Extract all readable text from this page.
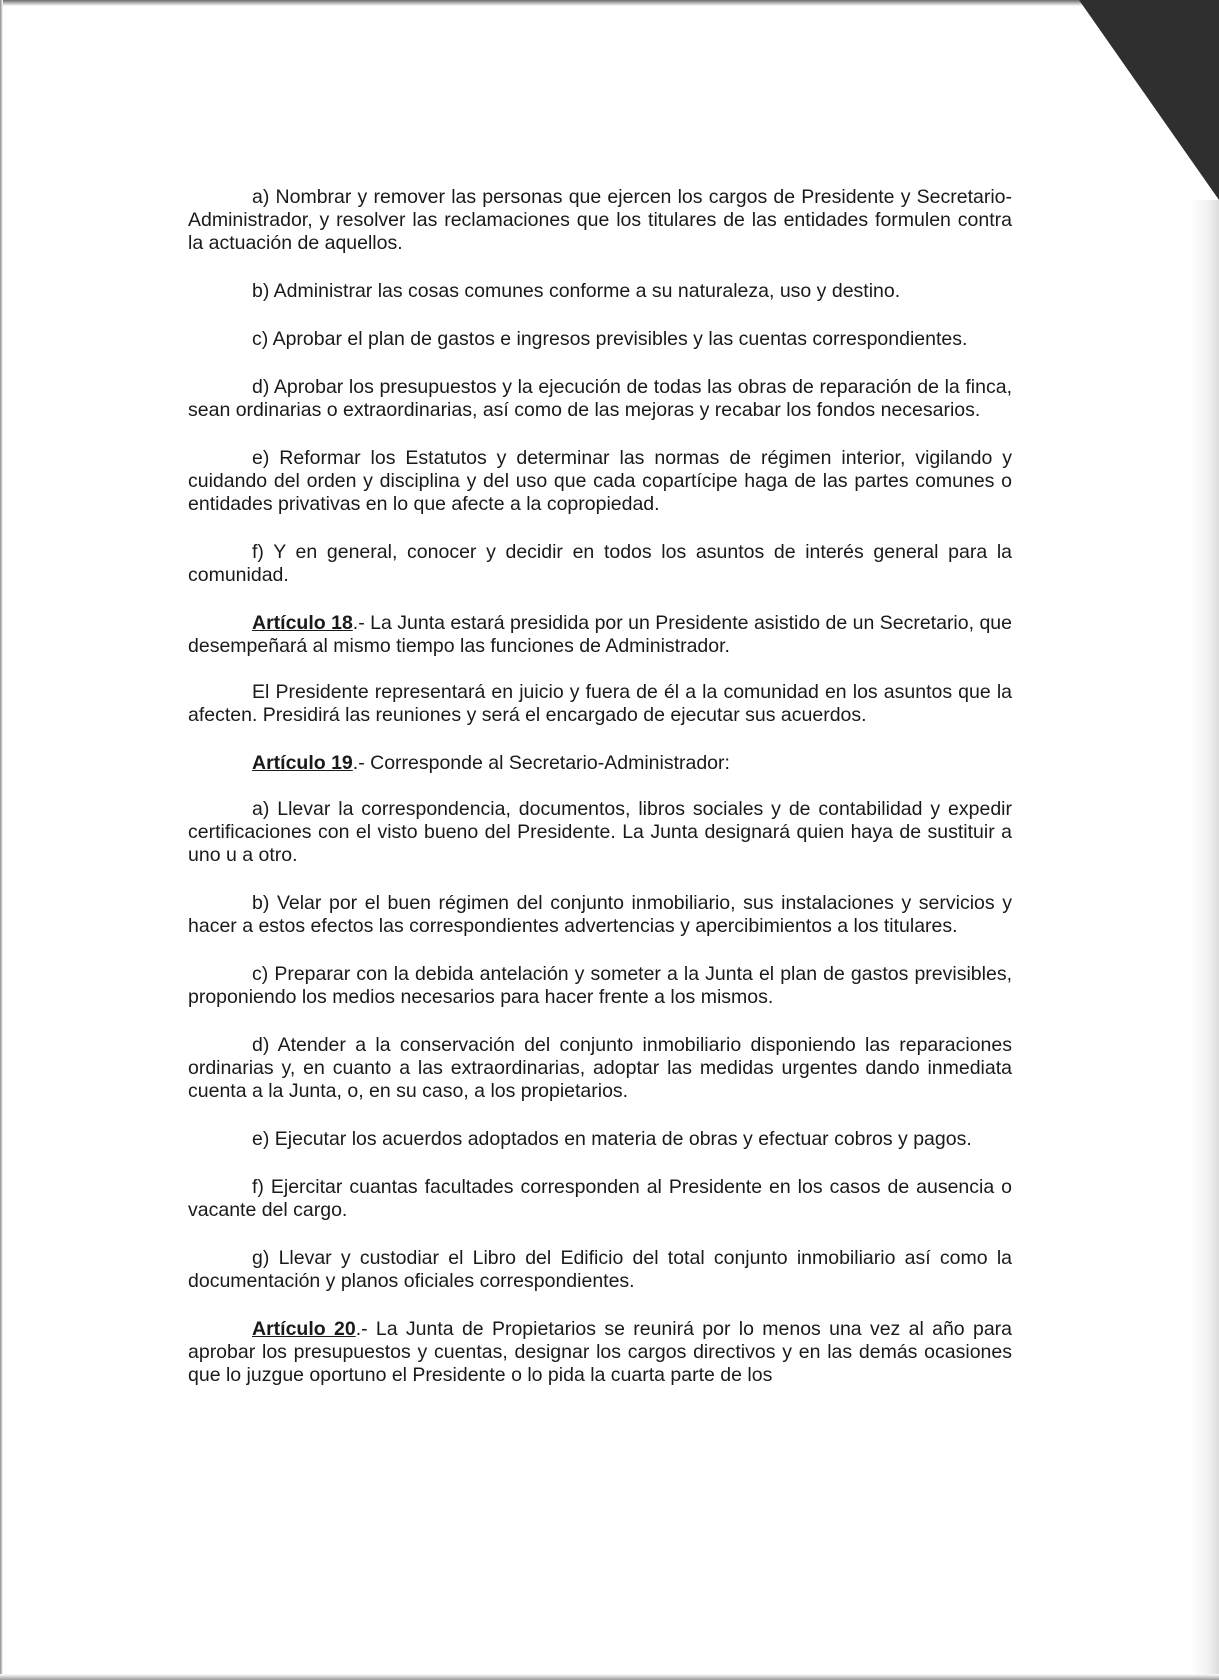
a) Nombrar y remover las personas que ejercen los cargos de Presidente y Secretario-Administrador, y resolver las reclamaciones que los titulares de las entidades formulen contra la actuación de aquellos.

b) Administrar las cosas comunes conforme a su naturaleza, uso y destino.

c) Aprobar el plan de gastos e ingresos previsibles y las cuentas correspondientes.

d) Aprobar los presupuestos y la ejecución de todas las obras de reparación de la finca, sean ordinarias o extraordinarias, así como de las mejoras y recabar los fondos necesarios.

e) Reformar los Estatutos y determinar las normas de régimen interior, vigilando y cuidando del orden y disciplina y del uso que cada copartícipe haga de las partes comunes o entidades privativas en lo que afecte a la copropiedad.

f) Y en general, conocer y decidir en todos los asuntos de interés general para la comunidad.

Artículo 18.- La Junta estará presidida por un Presidente asistido de un Secretario, que desempeñará al mismo tiempo las funciones de Administrador.

El Presidente representará en juicio y fuera de él a la comunidad en los asuntos que la afecten. Presidirá las reuniones y será el encargado de ejecutar sus acuerdos.

Artículo 19.- Corresponde al Secretario-Administrador:

a) Llevar la correspondencia, documentos, libros sociales y de contabilidad y expedir certificaciones con el visto bueno del Presidente. La Junta designará quien haya de sustituir a uno u a otro.

b) Velar por el buen régimen del conjunto inmobiliario, sus instalaciones y servicios y hacer a estos efectos las correspondientes advertencias y apercibimientos a los titulares.

c) Preparar con la debida antelación y someter a la Junta el plan de gastos previsibles, proponiendo los medios necesarios para hacer frente a los mismos.

d) Atender a la conservación del conjunto inmobiliario disponiendo las reparaciones ordinarias y, en cuanto a las extraordinarias, adoptar las medidas urgentes dando inmediata cuenta a la Junta, o, en su caso, a los propietarios.

e) Ejecutar los acuerdos adoptados en materia de obras y efectuar cobros y pagos.

f) Ejercitar cuantas facultades corresponden al Presidente en los casos de ausencia o vacante del cargo.

g) Llevar y custodiar el Libro del Edificio del total conjunto inmobiliario así como la documentación y planos oficiales correspondientes.

Artículo 20.- La Junta de Propietarios se reunirá por lo menos una vez al año para aprobar los presupuestos y cuentas, designar los cargos directivos y en las demás ocasiones que lo juzgue oportuno el Presidente o lo pida la cuarta parte de los
